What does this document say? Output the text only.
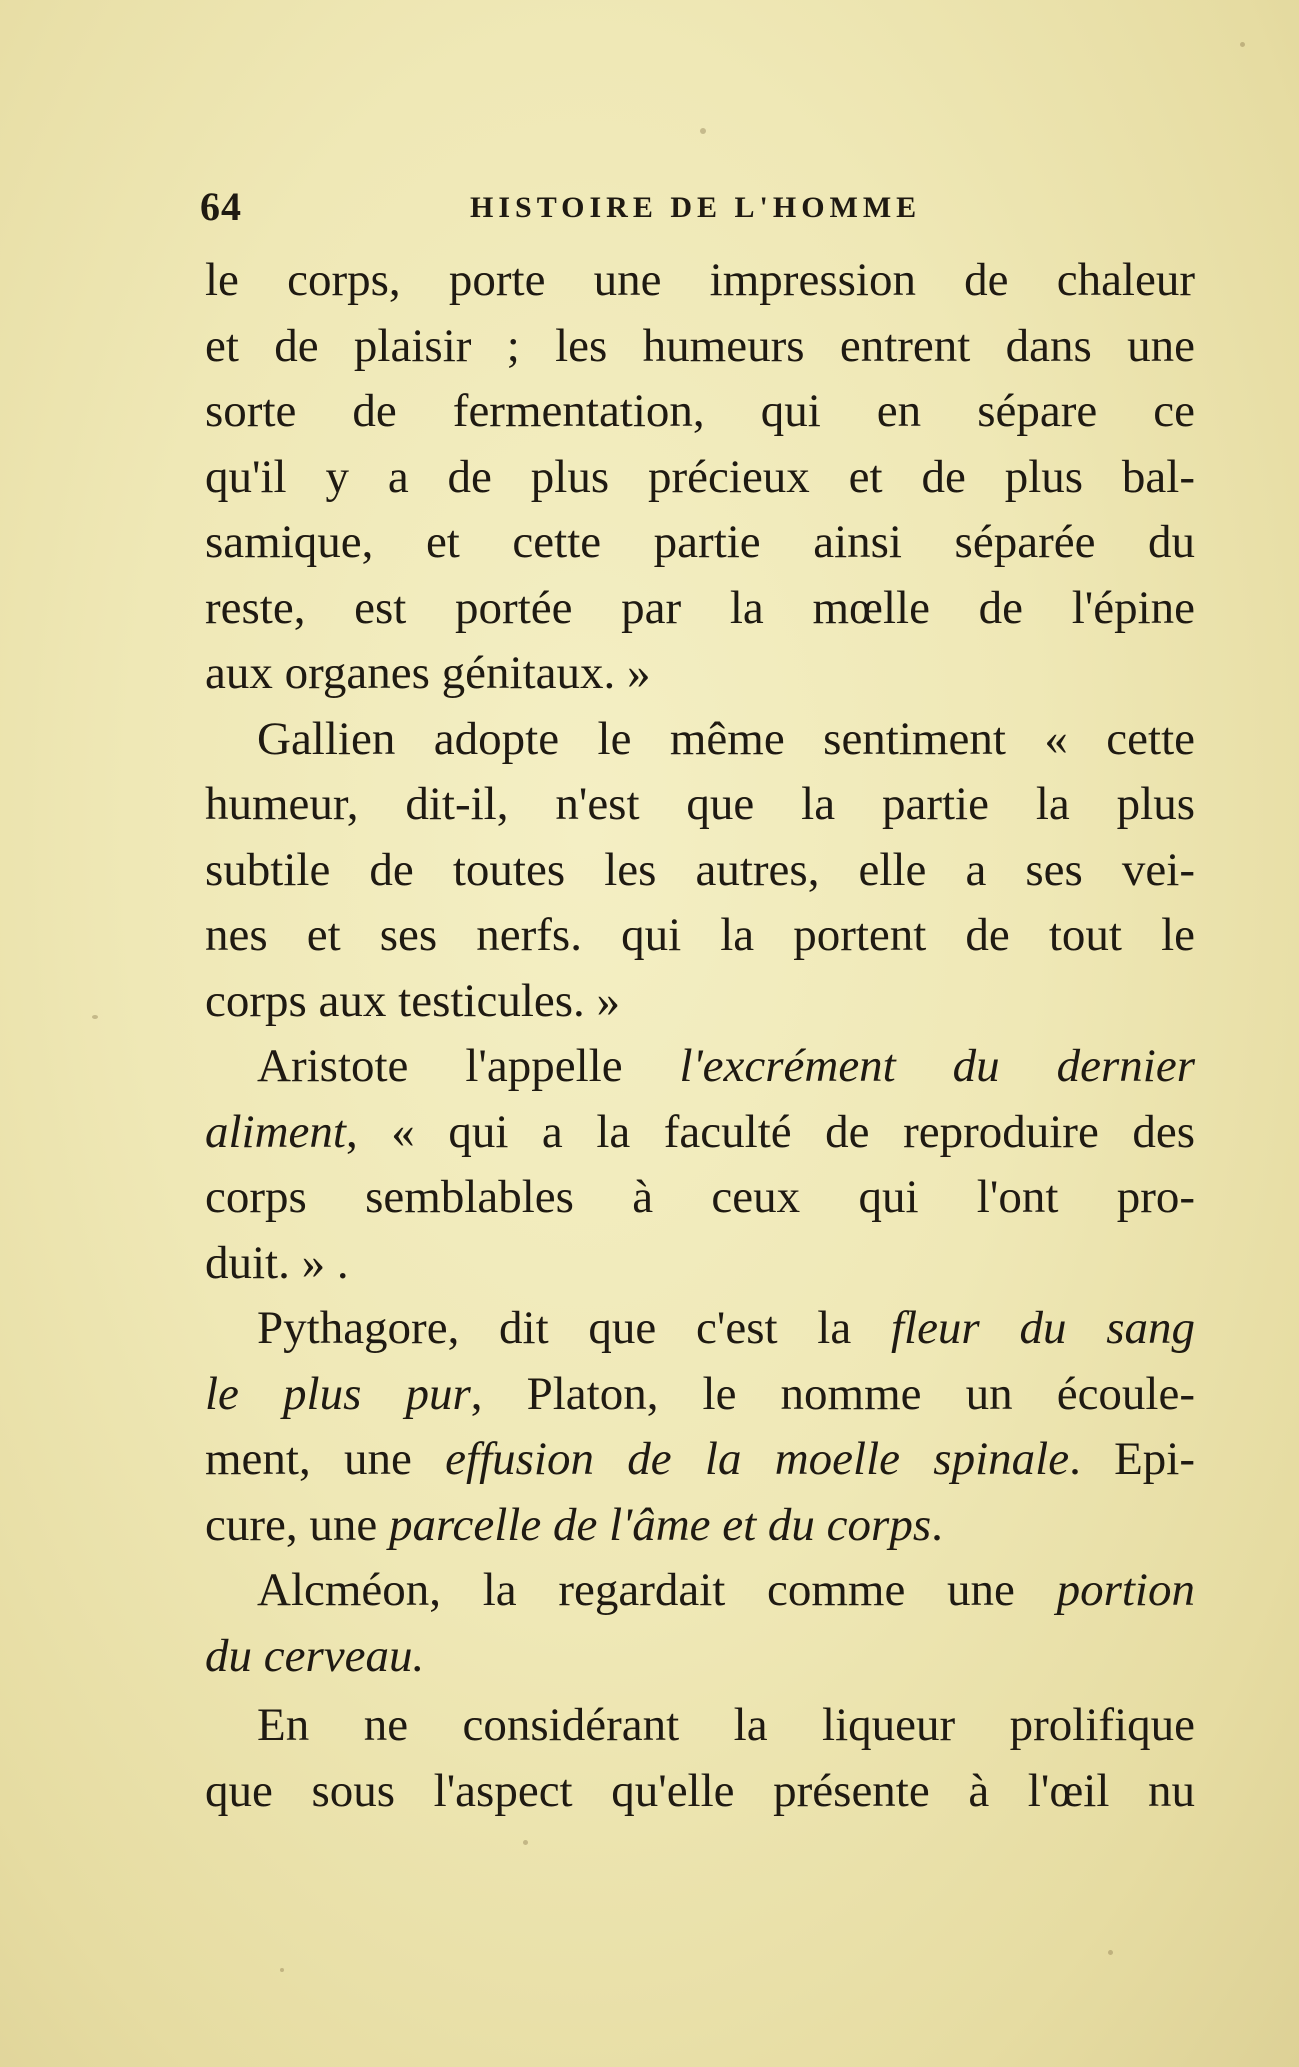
64	HISTOIRE DE L'HOMME
le corps, porte une impression de chaleur
et de plaisir ; les humeurs entrent dans une
sorte de fermentation, qui en sépare ce
qu'il y a de plus précieux et de plus bal-
samique, et cette partie ainsi séparée du
reste, est portée par la mœlle de l'épine
aux organes génitaux. »
Gallien adopte le même sentiment « cette
humeur, dit-il, n'est que la partie la plus
subtile de toutes les autres, elle a ses vei-
nes et ses nerfs. qui la portent de tout le
corps aux testicules. »
Aristote l'appelle l'excrément du dernier
aliment, « qui a la faculté de reproduire des
corps semblables à ceux qui l'ont pro-
duit. » .
Pythagore, dit que c'est la fleur du sang
le plus pur, Platon, le nomme un écoule-
ment, une effusion de la moelle spinale. Epi-
cure, une parcelle de l'âme et du corps.
Alcméon, la regardait comme une portion
du cerveau.
En ne considérant la liqueur prolifique
que sous l'aspect qu'elle présente à l'œil nu
